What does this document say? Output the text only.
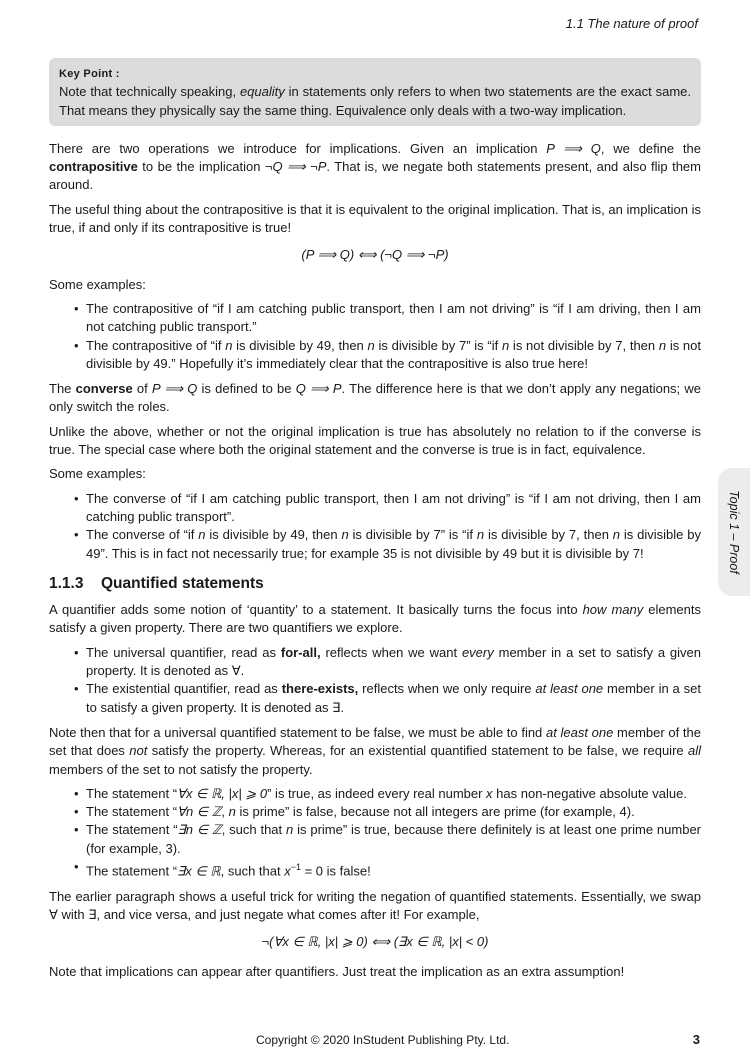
1.1 The nature of proof
Key Point :
Note that technically speaking, equality in statements only refers to when two statements are the exact same. That means they physically say the same thing. Equivalence only deals with a two-way implication.

There are two operations we introduce for implications. Given an implication P ⟹ Q, we define the contrapositive to be the implication ¬Q ⟹ ¬P. That is, we negate both statements present, and also flip them around.

The useful thing about the contrapositive is that it is equivalent to the original implication. That is, an implication is true, if and only if its contrapositive is true!

(P ⟹ Q) ⟺ (¬Q ⟹ ¬P)

Some examples:

• The contrapositive of “if I am catching public transport, then I am not driving” is “if I am driving, then I am not catching public transport.”
• The contrapositive of “if n is divisible by 49, then n is divisible by 7” is “if n is not divisible by 7, then n is not divisible by 49.” Hopefully it’s immediately clear that the contrapositive is also true here!

The converse of P ⟹ Q is defined to be Q ⟹ P. The difference here is that we don’t apply any negations; we only switch the roles.

Unlike the above, whether or not the original implication is true has absolutely no relation to if the converse is true. The special case where both the original statement and the converse is true is in fact, equivalence.

Some examples:

• The converse of “if I am catching public transport, then I am not driving” is “if I am not driving, then I am catching public transport”.
• The converse of “if n is divisible by 49, then n is divisible by 7” is “if n is divisible by 7, then n is divisible by 49”. This is in fact not necessarily true; for example 35 is not divisible by 49 but it is divisible by 7!
1.1.3 Quantified statements

A quantifier adds some notion of ‘quantity’ to a statement. It basically turns the focus into how many elements satisfy a given property. There are two quantifiers we explore.

• The universal quantifier, read as for-all, reflects when we want every member in a set to satisfy a given property. It is denoted as ∀.
• The existential quantifier, read as there-exists, reflects when we only require at least one member in a set to satisfy a given property. It is denoted as ∃.

Note then that for a universal quantified statement to be false, we must be able to find at least one member of the set that does not satisfy the property. Whereas, for an existential quantified statement to be false, we require all members of the set to not satisfy the property.

• The statement “∀x ∈ ℝ, |x| ⩾ 0” is true, as indeed every real number x has non-negative absolute value.
• The statement “∀n ∈ ℤ, n is prime” is false, because not all integers are prime (for example, 4).
• The statement “∃n ∈ ℤ, such that n is prime” is true, because there definitely is at least one prime number (for example, 3).
• The statement “∃x ∈ ℝ, such that $x^{-1} = 0$ is false!

The earlier paragraph shows a useful trick for writing the negation of quantified statements. Essentially, we swap ∀ with ∃, and vice versa, and just negate what comes after it! For example,

¬(∀x ∈ ℝ, |x| ⩾ 0) ⟺ (∃x ∈ ℝ, |x| < 0)

Note that implications can appear after quantifiers. Just treat the implication as an extra assumption!

Copyright © 2020 InStudent Publishing Pty. Ltd.	3
Topic 1 – Proof
